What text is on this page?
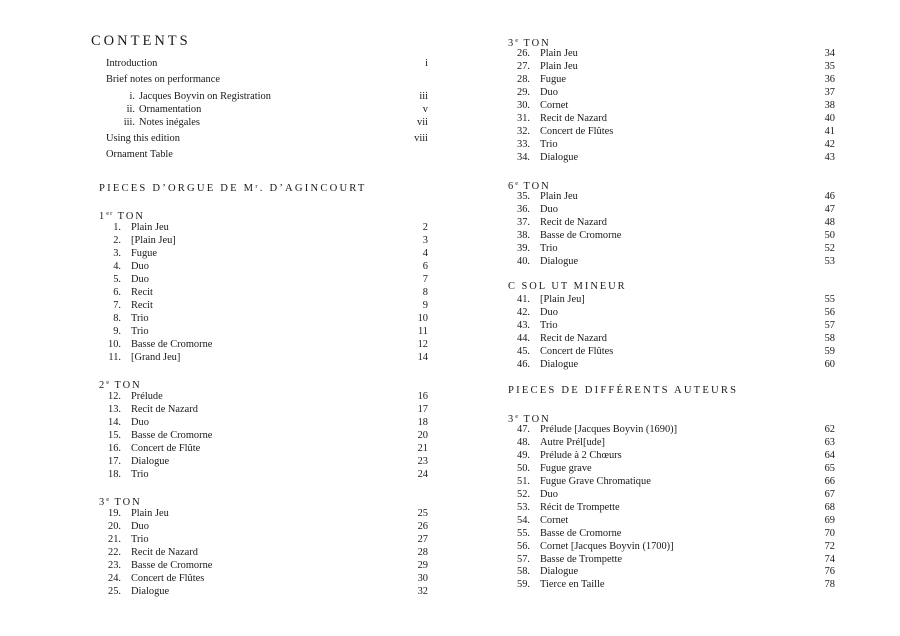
CONTENTS
Introduction	i
Brief notes on performance
i. Jacques Boyvin on Registration	iii
ii. Ornamentation	v
iii. Notes inégales	vii
Using this edition	viii
Ornament Table
PIECES D’ORGUE DE Mʳ. D’AGINCOURT
1er TON
1. Plain Jeu	2
2. [Plain Jeu]	3
3. Fugue	4
4. Duo	6
5. Duo	7
6. Recit	8
7. Recit	9
8. Trio	10
9. Trio	11
10. Basse de Cromorne	12
11. [Grand Jeu]	14
2e TON
12. Prélude	16
13. Recit de Nazard	17
14. Duo	18
15. Basse de Cromorne	20
16. Concert de Flûte	21
17. Dialogue	23
18. Trio	24
3e TON
19. Plain Jeu	25
20. Duo	26
21. Trio	27
22. Recit de Nazard	28
23. Basse de Cromorne	29
24. Concert de Flûtes	30
25. Dialogue	32
PIECES DE DIFFÉRENTS AUTEURS
3e TON
26. Plain Jeu	34
27. Plain Jeu	35
28. Fugue	36
29. Duo	37
30. Cornet	38
31. Recit de Nazard	40
32. Concert de Flûtes	41
33. Trio	42
34. Dialogue	43
6e TON
35. Plain Jeu	46
36. Duo	47
37. Recit de Nazard	48
38. Basse de Cromorne	50
39. Trio	52
40. Dialogue	53
C SOL UT MINEUR
41. [Plain Jeu]	55
42. Duo	56
43. Trio	57
44. Recit de Nazard	58
45. Concert de Flûtes	59
46. Dialogue	60
3e TON
47. Prélude [Jacques Boyvin (1690)]	62
48. Autre Prél[ude]	63
49. Prélude à 2 Chœurs	64
50. Fugue grave	65
51. Fugue Grave Chromatique	66
52. Duo	67
53. Récit de Trompette	68
54. Cornet	69
55. Basse de Cromorne	70
56. Cornet [Jacques Boyvin (1700)]	72
57. Basse de Trompette	74
58. Dialogue	76
59. Tierce en Taille	78
